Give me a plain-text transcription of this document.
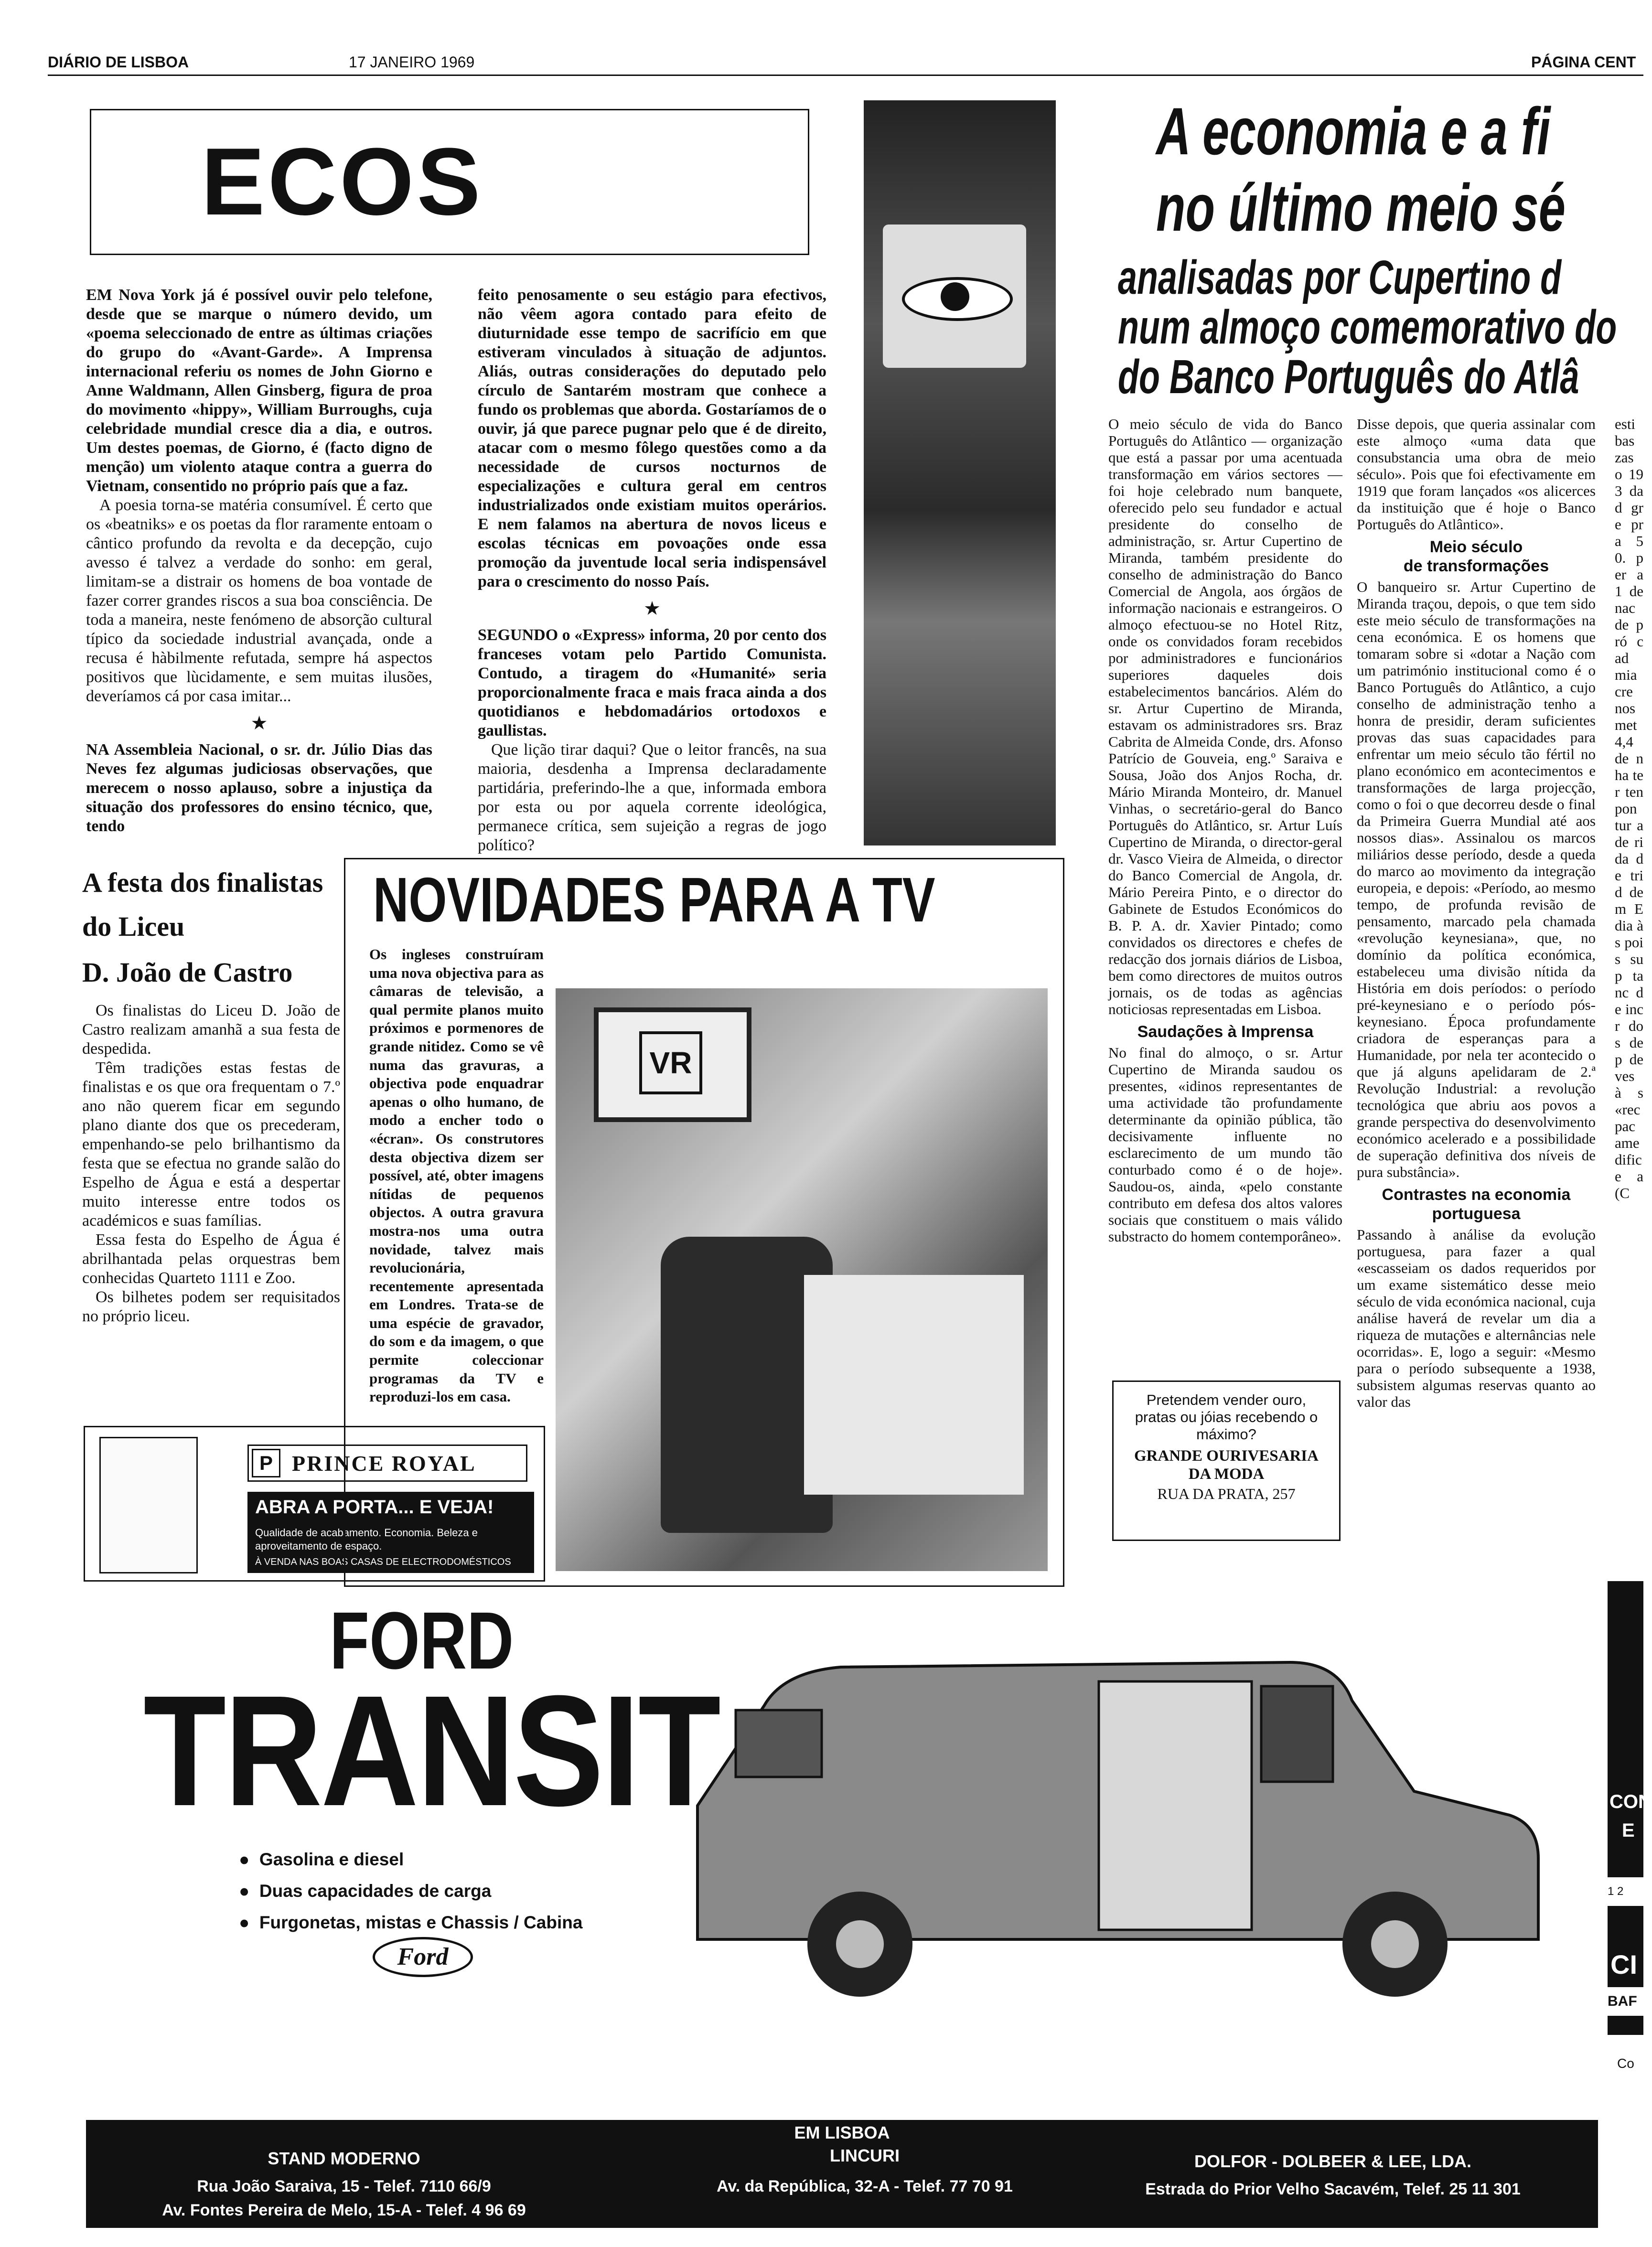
DIÁRIO DE LISBOA	17 JANEIRO 1969	PÁGINA CENT
ECOS

EM Nova York já é possível ouvir pelo telefone, desde que se marque o número devido, um «poema seleccionado de entre as últimas criações do grupo do «Avant-Garde». A Imprensa internacional referiu os nomes de John Giorno e Anne Waldmann, Allen Ginsberg, figura de proa do movimento «hippy», William Burroughs, cuja celebridade mundial cresce dia a dia, e outros. Um destes poemas, de Giorno, é (facto digno de menção) um violento ataque contra a guerra do Vietnam, consentido no próprio país que a faz.

A poesia torna-se matéria consumível. É certo que os «beatniks» e os poetas da flor raramente entoam o cântico profundo da revolta e da decepção, cujo avesso é talvez a verdade do sonho: em geral, limitam-se a distrair os homens de boa vontade de fazer correr grandes riscos a sua boa consciência. De toda a maneira, neste fenómeno de absorção cultural típico da sociedade industrial avançada, onde a recusa é hàbilmente refutada, sempre há aspectos positivos que lùcidamente, e sem muitas ilusões, deveríamos cá por casa imitar...

★

NA Assembleia Nacional, o sr. dr. Júlio Dias das Neves fez algumas judiciosas observações, que merecem o nosso aplauso, sobre a injustiça da situação dos professores do ensino técnico, que, tendo

feito penosamente o seu estágio para efectivos, não vêem agora contado para efeito de diuturnidade esse tempo de sacrifício em que estiveram vinculados à situação de adjuntos. Aliás, outras considerações do deputado pelo círculo de Santarém mostram que conhece a fundo os problemas que aborda. Gostaríamos de o ouvir, já que parece pugnar pelo que é de direito, atacar com o mesmo fôlego questões como a da necessidade de cursos nocturnos de especializações e cultura geral em centros industrializados onde existiam muitos operários. E nem falamos na abertura de novos liceus e escolas técnicas em povoações onde essa promoção da juventude local seria indispensável para o crescimento do nosso País.

★

SEGUNDO o «Express» informa, 20 por cento dos franceses votam pelo Partido Comunista. Contudo, a tiragem do «Humanité» seria proporcionalmente fraca e mais fraca ainda a dos quotidianos e hebdomadários ortodoxos e gaullistas.

Que lição tirar daqui? Que o leitor francês, na sua maioria, desdenha a Imprensa declaradamente partidária, preferindo-lhe a que, informada embora por esta ou por aquela corrente ideológica, permanece crítica, sem sujeição a regras de jogo político?

A festa dos finalistas
do Liceu
D. João de Castro

Os finalistas do Liceu D. João de Castro realizam amanhã a sua festa de despedida.

Têm tradições estas festas de finalistas e os que ora frequentam o 7.º ano não querem ficar em segundo plano diante dos que os precederam, empenhando-se pelo brilhantismo da festa que se efectua no grande salão do Espelho de Água e está a despertar muito interesse entre todos os académicos e suas famílias.

Essa festa do Espelho de Água é abrilhantada pelas orquestras bem conhecidas Quarteto 1111 e Zoo.

Os bilhetes podem ser requisitados no próprio liceu.

P PRINCE ROYAL
ABRA A PORTA... E VEJA!
Qualidade de acabamento. Economia. Beleza e aproveitamento de espaço.
À VENDA NAS BOAS CASAS DE ELECTRODOMÉSTICOS
NOVIDADES PARA A TV
Os ingleses construíram uma nova objectiva para as câmaras de televisão, a qual permite planos muito próximos e pormenores de grande nitidez. Como se vê numa das gravuras, a objectiva pode enquadrar apenas o olho humano, de modo a encher todo o «écran». Os construtores desta objectiva dizem ser possível, até, obter imagens nítidas de pequenos objectos. A outra gravura mostra-nos uma outra novidade, talvez mais revolucionária, recentemente apresentada em Londres. Trata-se de uma espécie de gravador, do som e da imagem, o que permite coleccionar programas da TV e reproduzi-los em casa.
VR
A economia e a fi
no último meio sé
analisadas por Cupertino d
num almoço comemorativo do
do Banco Português do Atlâ
O meio século de vida do Banco Português do Atlântico — organização que está a passar por uma acentuada transformação em vários sectores — foi hoje celebrado num banquete, oferecido pelo seu fundador e actual presidente do conselho de administração, sr. Artur Cupertino de Miranda, também presidente do conselho de administração do Banco Comercial de Angola, aos órgãos de informação nacionais e estrangeiros. O almoço efectuou-se no Hotel Ritz, onde os convidados foram recebidos por administradores e funcionários superiores daqueles dois estabelecimentos bancários. Além do sr. Artur Cupertino de Miranda, estavam os administradores srs. Braz Cabrita de Almeida Conde, drs. Afonso Patrício de Gouveia, eng.º Saraiva e Sousa, João dos Anjos Rocha, dr. Mário Miranda Monteiro, dr. Manuel Vinhas, o secretário-geral do Banco Português do Atlântico, sr. Artur Luís Cupertino de Miranda, o director-geral dr. Vasco Vieira de Almeida, o director do Banco Comercial de Angola, dr. Mário Pereira Pinto, e o director do Gabinete de Estudos Económicos do B. P. A. dr. Xavier Pintado; como convidados os directores e chefes de redacção dos jornais diários de Lisboa, bem como directores de muitos outros jornais, os de todas as agências noticiosas representadas em Lisboa.
Saudações à Imprensa
No final do almoço, o sr. Artur Cupertino de Miranda saudou os presentes, «idinos representantes de uma actividade tão profundamente determinante da opinião pública, tão decisivamente influente no esclarecimento de um mundo tão conturbado como é o de hoje». Saudou-os, ainda, «pelo constante contributo em defesa dos altos valores sociais que constituem o mais válido substracto do homem contemporâneo».
Disse depois, que queria assinalar com este almoço «uma data que consubstancia uma obra de meio século». Pois que foi efectivamente em 1919 que foram lançados «os alicerces da instituição que é hoje o Banco Português do Atlântico».
Meio século
de transformações
O banqueiro sr. Artur Cupertino de Miranda traçou, depois, o que tem sido este meio século de transformações na cena económica. E os homens que tomaram sobre si «dotar a Nação com um património institucional como é o Banco Português do Atlântico, a cujo conselho de administração tenho a honra de presidir, deram suficientes provas das suas capacidades para enfrentar um meio século tão fértil no plano económico em acontecimentos e transformações de larga projecção, como o foi o que decorreu desde o final da Primeira Guerra Mundial até aos nossos dias». Assinalou os marcos miliários desse período, desde a queda do marco ao movimento da integração europeia, e depois: «Período, ao mesmo tempo, de profunda revisão de pensamento, marcado pela chamada «revolução keynesiana», que, no domínio da política económica, estabeleceu uma divisão nítida da História em dois períodos: o período pré-keynesiano e o período pós-keynesiano. Época profundamente criadora de esperanças para a Humanidade, por nela ter acontecido o que já alguns apelidaram de 2.ª Revolução Industrial: a revolução tecnológica que abriu aos povos a grande perspectiva do desenvolvimento económico acelerado e a possibilidade de superação definitiva dos níveis de pura substância».
Contrastes na economia portuguesa
Passando à análise da evolução portuguesa, para fazer a qual «escasseiam os dados requeridos por um exame sistemático desse meio século de vida económica nacional, cuja análise haverá de revelar um dia a riqueza de mutações e alternâncias nele ocorridas». E, logo a seguir: «Mesmo para o período subsequente a 1938, subsistem algumas reservas quanto ao valor das
esti bas zas o 193 dad gre pra 50. per a 1 de nac de pró cad mia cre nos met 4,4 de nha ter ten pon tur a de rida de trid dem E dia à s pois sup tanc de incr dos dep de ves à s «rec pac ame dific e a (C
Pretendem vender ouro, pratas ou jóias recebendo o máximo?
GRANDE OURIVESARIA DA MODA
RUA DA PRATA, 257
FORD
TRANSIT
●  Gasolina e diesel
●  Duas capacidades de carga
●  Furgonetas, mistas e Chassis / Cabina
Ford
EM LISBOA
STAND MODERNO
Rua João Saraiva, 15 - Telef. 7110 66/9
Av. Fontes Pereira de Melo, 15-A - Telef. 4 96 69
LINCURI
Av. da República, 32-A - Telef. 77 70 91
DOLFOR - DOLBEER & LEE, LDA.
Estrada do Prior Velho Sacavém, Telef. 25 11 301
CON
E
1 2 CO
CI
BAF
Co
